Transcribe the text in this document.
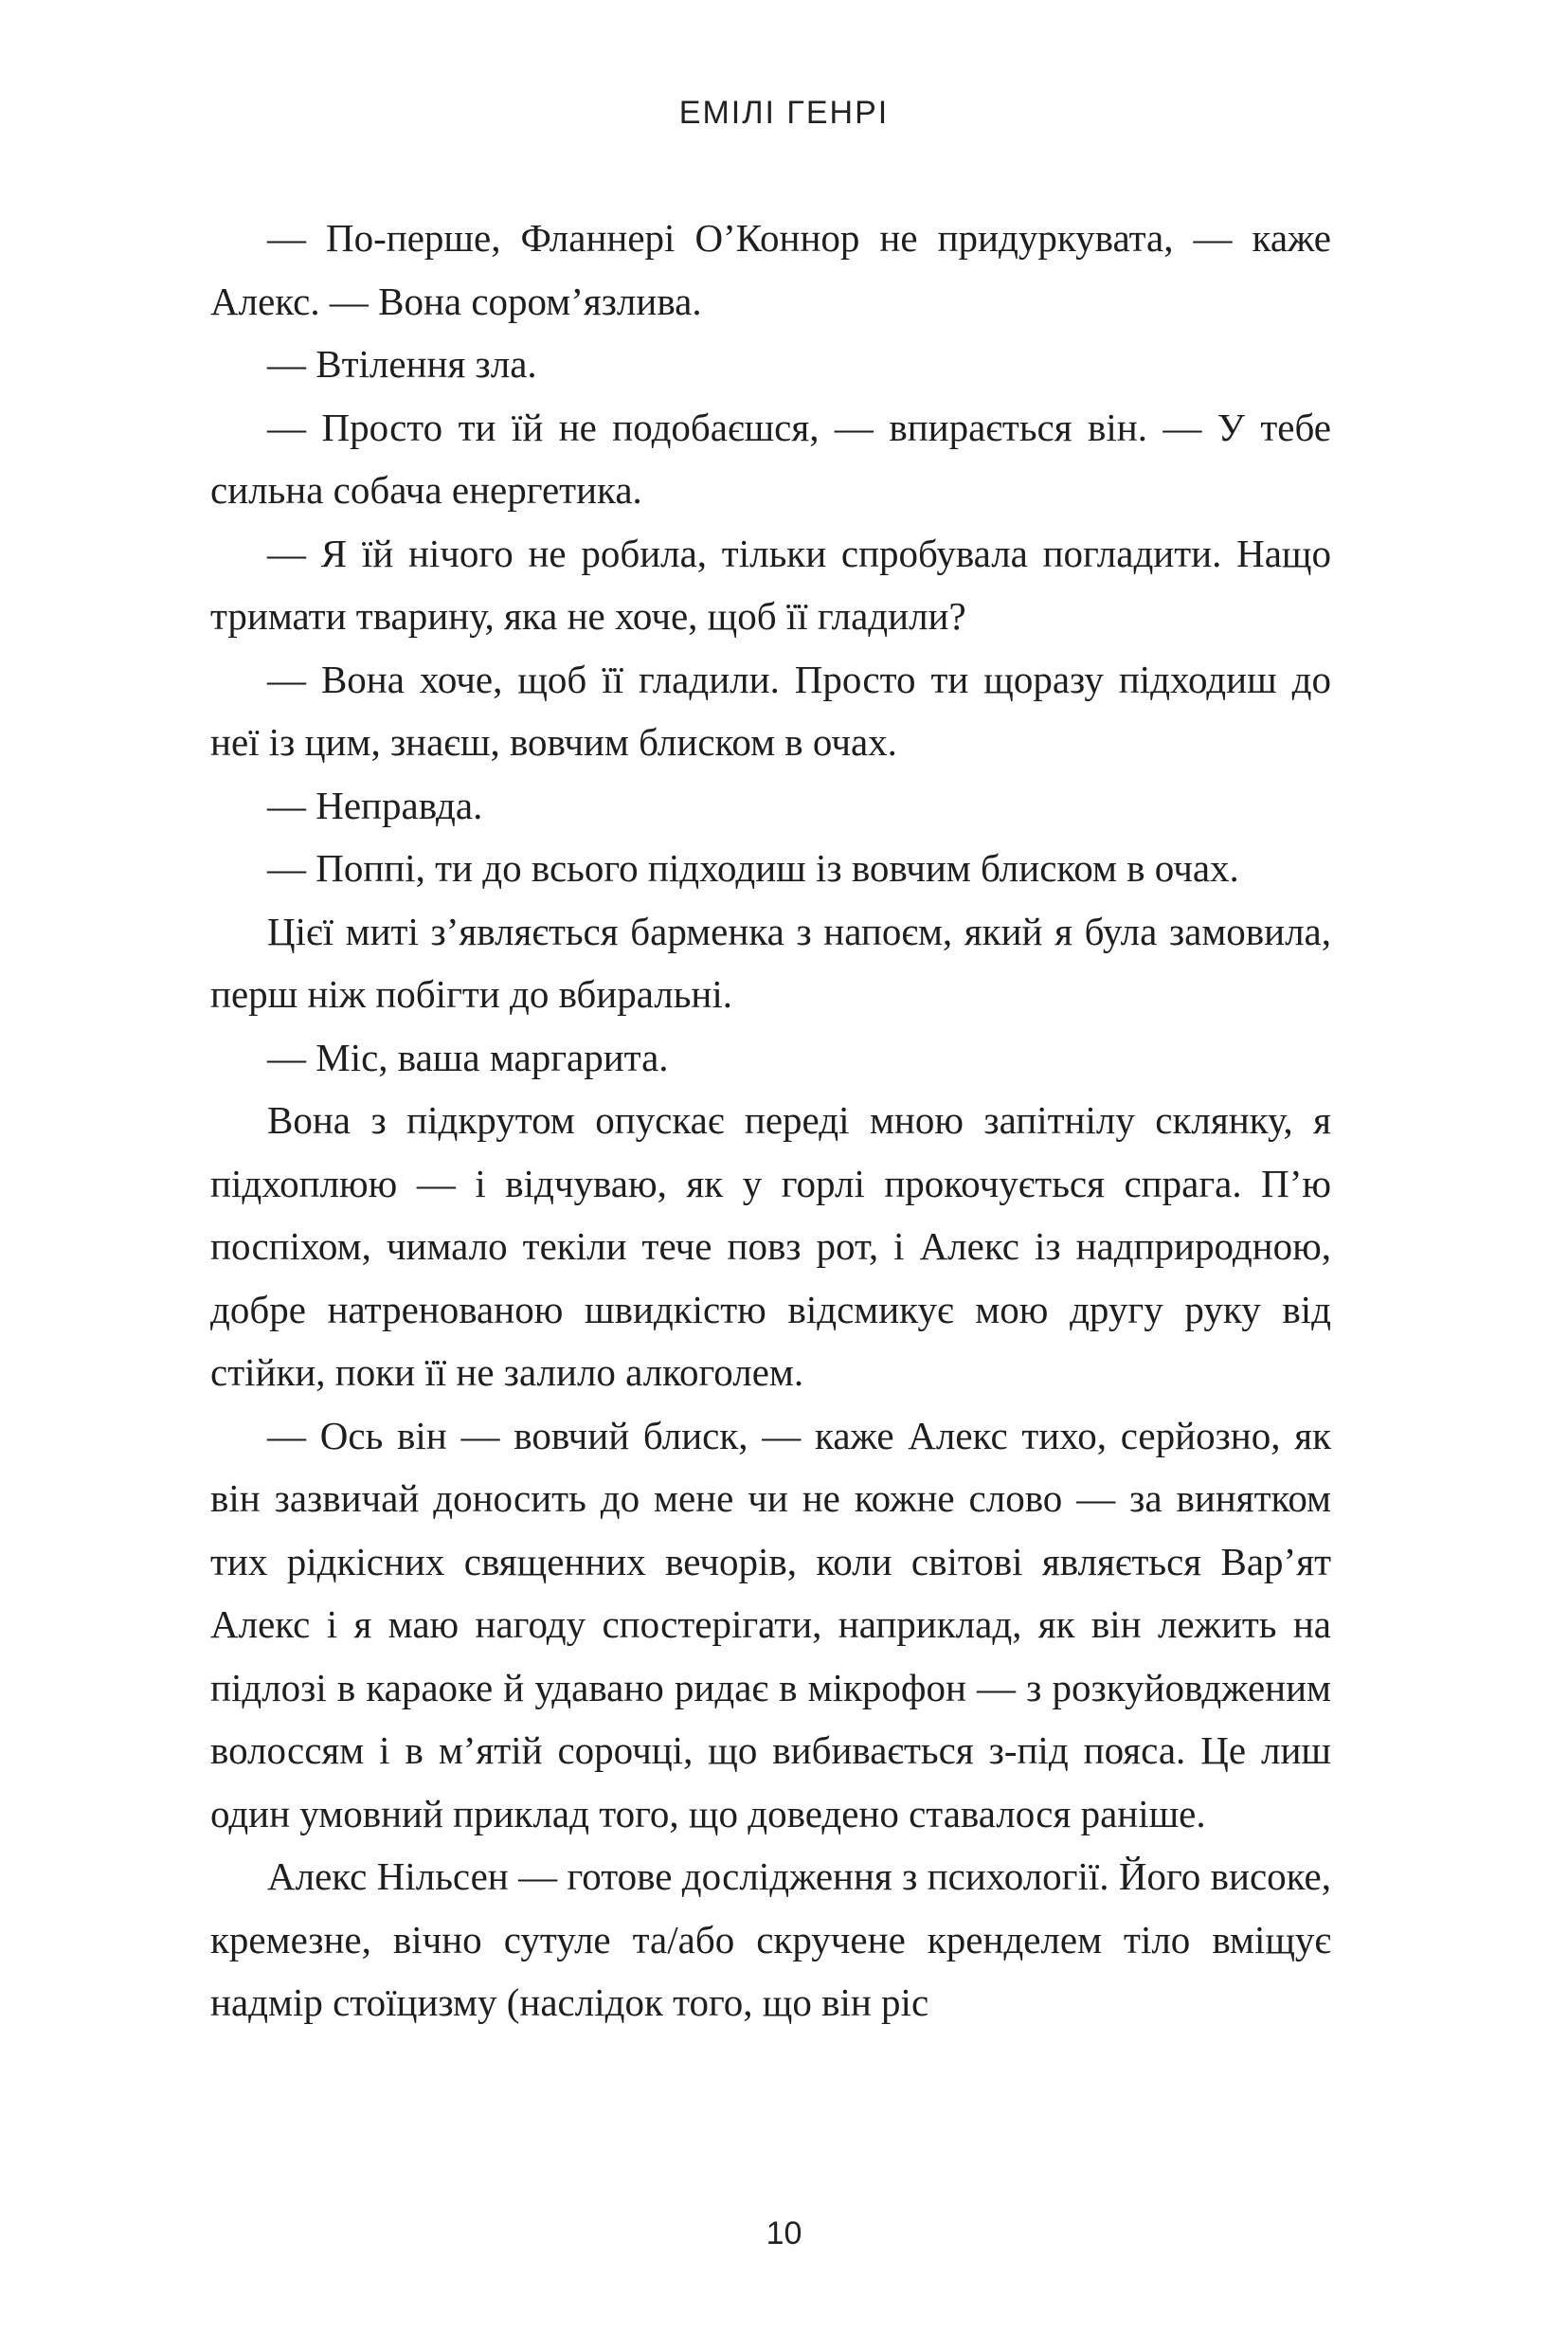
ЕМІЛІ ГЕНРІ

— По-перше, Фланнері О’Коннор не придуркувата, — каже Алекс. — Вона сором’язлива.

— Втілення зла.

— Просто ти їй не подобаєшся, — впирається він. — У тебе сильна собача енергетика.

— Я їй нічого не робила, тільки спробувала погладити. Нащо тримати тварину, яка не хоче, щоб її гладили?

— Вона хоче, щоб її гладили. Просто ти щоразу підходиш до неї із цим, знаєш, вовчим блиском в очах.

— Неправда.

— Поппі, ти до всього підходиш із вовчим блиском в очах.

Цієї миті з’являється барменка з напоєм, який я була замовила, перш ніж побігти до вбиральні.

— Міс, ваша маргарита.

Вона з підкрутом опускає переді мною запітнілу склянку, я підхоплюю — і відчуваю, як у горлі прокочується спрага. П’ю поспіхом, чимало текіли тече повз рот, і Алекс із надприродною, добре натренованою швидкістю відсмикує мою другу руку від стійки, поки її не залило алкоголем.

— Ось він — вовчий блиск, — каже Алекс тихо, серйозно, як він зазвичай доносить до мене чи не кожне слово — за винятком тих рідкісних священних вечорів, коли світові являється Вар’ят Алекс і я маю нагоду спостерігати, наприклад, як він лежить на підлозі в караоке й удавано ридає в мікрофон — з розкуйовдженим волоссям і в м’ятій сорочці, що вибивається з-під пояса. Це лиш один умовний приклад того, що доведено ставалося раніше.

Алекс Нільсен — готове дослідження з психології. Його високе, кремезне, вічно сутуле та/або скручене кренделем тіло вміщує надмір стоїцизму (наслідок того, що він ріс

10
